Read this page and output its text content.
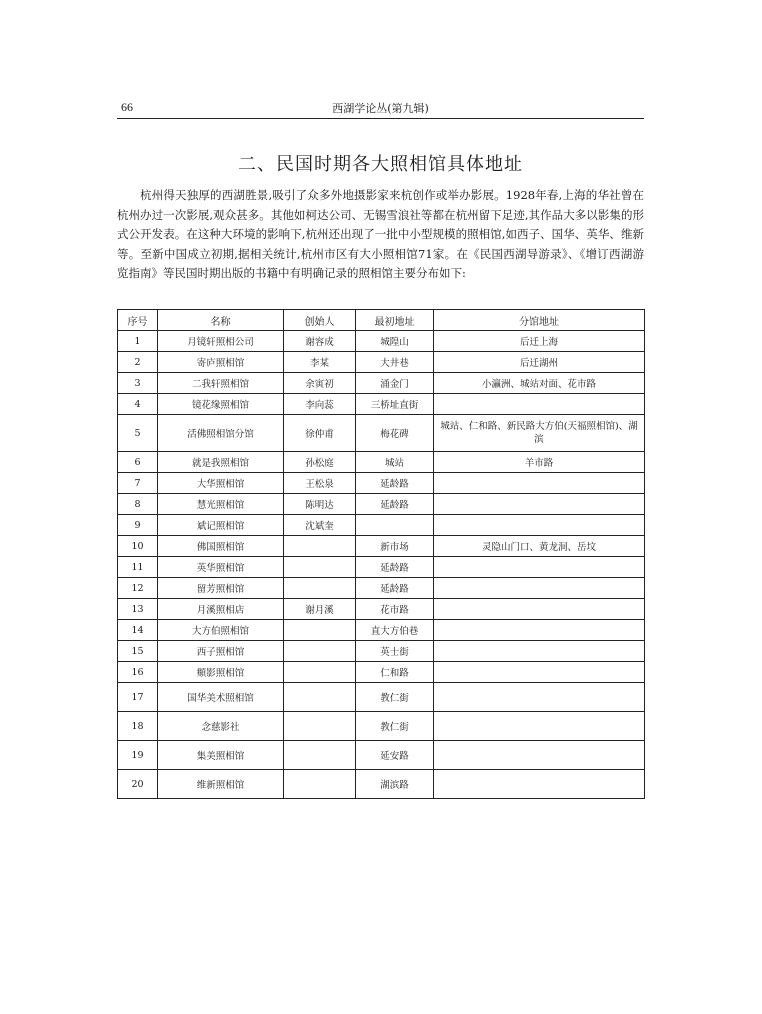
66	西湖学论丛(第九辑)
二、民国时期各大照相馆具体地址

杭州得天独厚的西湖胜景,吸引了众多外地摄影家来杭创作或举办影展。1928年春,上海的华社曾在杭州办过一次影展,观众甚多。其他如柯达公司、无锡雪浪社等都在杭州留下足迹,其作品大多以影集的形式公开发表。在这种大环境的影响下,杭州还出现了一批中小型规模的照相馆,如西子、国华、英华、维新等。至新中国成立初期,据相关统计,杭州市区有大小照相馆71家。在《民国西湖导游录》、《增订西湖游览指南》等民国时期出版的书籍中有明确记录的照相馆主要分布如下:

序号	名称	创始人	最初地址	分馆地址
1	月镜轩照相公司	谢容成	城隍山	后迁上海
2	寄庐照相馆	李某	大井巷	后迁湖州
3	二我轩照相馆	余寅初	涌金门	小瀛洲、城站对面、花市路
4	镜花缘照相馆	李向蕊	三桥址直街	
5	活佛照相馆分馆	徐仲甫	梅花碑	城站、仁和路、新民路大方伯(天福照相馆)、湖滨
6	就是我照相馆	孙松庭	城站	羊市路
7	大华照相馆	王松泉	延龄路	
8	慧光照相馆	陈明达	延龄路	
9	斌记照相馆	沈斌奎		
10	佛国照相馆		新市场	灵隐山门口、黄龙洞、岳坟
11	英华照相馆		延龄路	
12	留芳照相馆		延龄路	
13	月溪照相店	谢月溪	花市路	
14	大方伯照相馆		直大方伯巷	
15	西子照相馆		英士街	
16	頫影照相馆		仁和路	
17	国华美术照相馆		教仁街	
18	念慈影社		教仁街	
19	集美照相馆		延安路	
20	维新照相馆		湖滨路	
